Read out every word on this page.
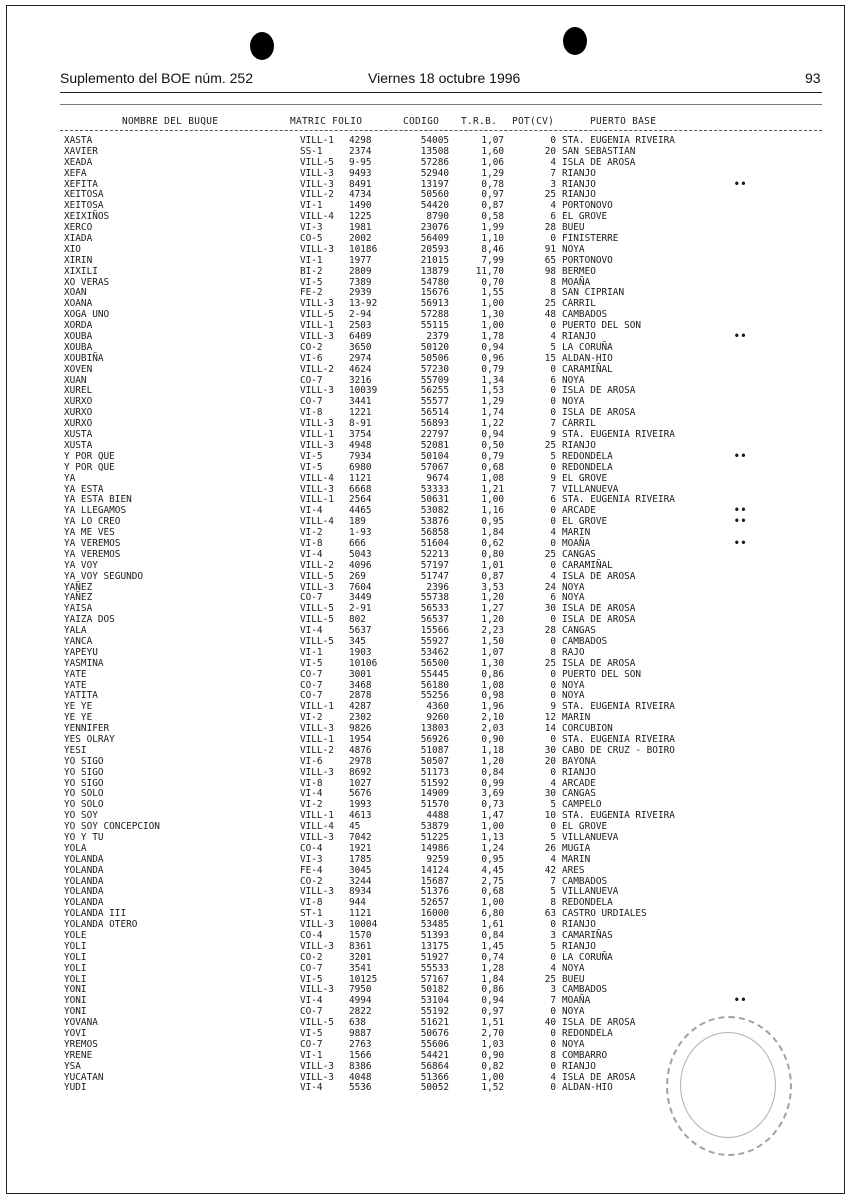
Suplemento del BOE núm. 252	Viernes 18 octubre 1996	93
NOMBRE DEL BUQUE	MATRIC FOLIO	CODIGO T.R.B. POT(CV)	PUERTO BASE
XASTA	VILL-1 4298	54005	1,07	0 STA. EUGENIA RIVEIRA
XAVIER	SS-1	2374	13508	1,60	20 SAN SEBASTIAN
XEADA	VILL-5 9-95	57286	1,06	4 ISLA DE AROSA
XEFA	VILL-3 9493	52940	1,29	7 RIANJO
XEFITA	VILL-3 8491	13197	0,78	3 RIANJO	••
XEITOSA	VILL-2 4734	50560	0,97	25 RIANJO
XEITOSA	VI-1	1490	54420	0,87	4 PORTONOVO
XEIXIÑOS	VILL-4 1225	8790	0,58	6 EL GROVE
XERCO	VI-3	1981	23076	1,99	28 BUEU
XIADA	CO-5	2002	56409	1,10	0 FINISTERRE
XIO	VILL-3 10186	20593	8,46	91 NOYA
XIRIN	VI-1	1977	21015	7,99	65 PORTONOVO
XIXILI	BI-2	2809	13879	11,70	98 BERMEO
XO VERAS	VI-5	7389	54780	0,70	8 MOAÑA
XOAN	FE-2	2939	15676	1,55	8 SAN CIPRIAN
XOANA	VILL-3 13-92	56913	1,00	25 CARRIL
XOGA UNO	VILL-5 2-94	57288	1,30	48 CAMBADOS
XORDA	VILL-1 2503	55115	1,00	0 PUERTO DEL SON
XOUBA	VILL-3 6409	2379	1,78	4 RIANJO	••
XOUBA	CO-2	3650	50120	0,94	5 LA CORUÑA
XOUBIÑA	VI-6	2974	50506	0,96	15 ALDAN-HIO
XOVEN	VILL-2 4624	57230	0,79	0 CARAMIÑAL
XUAN	CO-7	3216	55709	1,34	6 NOYA
XUREL	VILL-3 10039	56255	1,53	0 ISLA DE AROSA
XURXO	CO-7	3441	55577	1,29	0 NOYA
XURXO	VI-8	1221	56514	1,74	0 ISLA DE AROSA
XURXO	VILL-3 8-91	56893	1,22	7 CARRIL
XUSTA	VILL-1 3754	22797	0,94	9 STA. EUGENIA RIVEIRA
XUSTA	VILL-3 4948	52081	0,50	25 RIANJO
Y POR QUE	VI-5	7934	50104	0,79	5 REDONDELA	••
Y POR QUE	VI-5	6980	57067	0,68	0 REDONDELA
YA	VILL-4 1121	9674	1,08	9 EL GROVE
YA ESTA	VILL-3 6668	53333	1,21	7 VILLANUEVA
YA ESTA BIEN	VILL-1 2564	50631	1,00	6 STA. EUGENIA RIVEIRA
YA LLEGAMOS	VI-4	4465	53082	1,16	0 ARCADE	••
YA LO CREO	VILL-4 189	53876	0,95	0 EL GROVE	••
YA ME VES	VI-2	1-93	56858	1,84	4 MARIN
YA VEREMOS	VI-8	666	51604	0,62	0 MOAÑA	••
YA VEREMOS	VI-4	5043	52213	0,80	25 CANGAS
YA VOY	VILL-2 4096	57197	1,01	0 CARAMIÑAL
YA VOY SEGUNDO	VILL-5 269	51747	0,87	4 ISLA DE AROSA
YAÑEZ	VILL-3 7604	2396	3,53	24 NOYA
YAÑEZ	CO-7	3449	55738	1,20	6 NOYA
YAISA	VILL-5 2-91	56533	1,27	30 ISLA DE AROSA
YAIZA DOS	VILL-5 802	56537	1,20	0 ISLA DE AROSA
YALA	VI-4	5637	15566	2,23	28 CANGAS
YANCA	VILL-5 345	55927	1,50	0 CAMBADOS
YAPEYU	VI-1	1903	53462	1,07	8 RAJO
YASMINA	VI-5	10106	56500	1,30	25 ISLA DE AROSA
YATE	CO-7	3001	55445	0,86	0 PUERTO DEL SON
YATE	CO-7	3468	56180	1,08	0 NOYA
YATITA	CO-7	2878	55256	0,98	0 NOYA
YE YE	VILL-1 4287	4360	1,96	9 STA. EUGENIA RIVEIRA
YE YE	VI-2	2302	9260	2,10	12 MARIN
YENNIFER	VILL-3 9826	13803	2,03	14 CORCUBION
YES OLRAY	VILL-1 1954	56926	0,90	0 STA. EUGENIA RIVEIRA
YESI	VILL-2 4876	51087	1,18	30 CABO DE CRUZ - BOIRO
YO SIGO	VI-6	2978	50507	1,20	20 BAYONA
YO SIGO	VILL-3 8692	51173	0,84	0 RIANJO
YO SIGO	VI-8	1027	51592	0,99	4 ARCADE
YO SOLO	VI-4	5676	14909	3,69	30 CANGAS
YO SOLO	VI-2	1993	51570	0,73	5 CAMPELO
YO SOY	VILL-1 4613	4488	1,47	10 STA. EUGENIA RIVEIRA
YO SOY CONCEPCION	VILL-4 45	53879	1,00	0 EL GROVE
YO Y TU	VILL-3 7042	51225	1,13	5 VILLANUEVA
YOLA	CO-4	1921	14986	1,24	26 MUGIA
YOLANDA	VI-3	1785	9259	0,95	4 MARIN
YOLANDA	FE-4	3045	14124	4,45	42 ARES
YOLANDA	CO-2	3244	15687	2,75	7 CAMBADOS
YOLANDA	VILL-3 8934	51376	0,68	5 VILLANUEVA
YOLANDA	VI-8	944	52657	1,00	8 REDONDELA
YOLANDA III	ST-1	1121	16000	6,80	63 CASTRO URDIALES
YOLANDA OTERO	VILL-3 10004	53485	1,61	0 RIANJO
YOLE	CO-4	1570	51393	0,84	3 CAMARIÑAS
YOLI	VILL-3 8361	13175	1,45	5 RIANJO
YOLI	CO-2	3201	51927	0,74	0 LA CORUÑA
YOLI	CO-7	3541	55533	1,28	4 NOYA
YOLI	VI-5	10125	57167	1,84	25 BUEU
YONI	VILL-3 7950	50182	0,86	3 CAMBADOS
YONI	VI-4	4994	53104	0,94	7 MOAÑA	••
YONI	CO-7	2822	55192	0,97	0 NOYA
YOVANA	VILL-5 638	51621	1,51	40 ISLA DE AROSA
YOVI	VI-5	9887	50676	2,70	0 REDONDELA
YREMOS	CO-7	2763	55606	1,03	0 NOYA
YRENE	VI-1	1566	54421	0,90	8 COMBARRO
YSA	VILL-3 8386	56864	0,82	0 RIANJO
YUCATAN	VILL-3 4048	51366	1,00	4 ISLA DE AROSA
YUDI	VI-4	5536	50052	1,52	0 ALDAN-HIO
